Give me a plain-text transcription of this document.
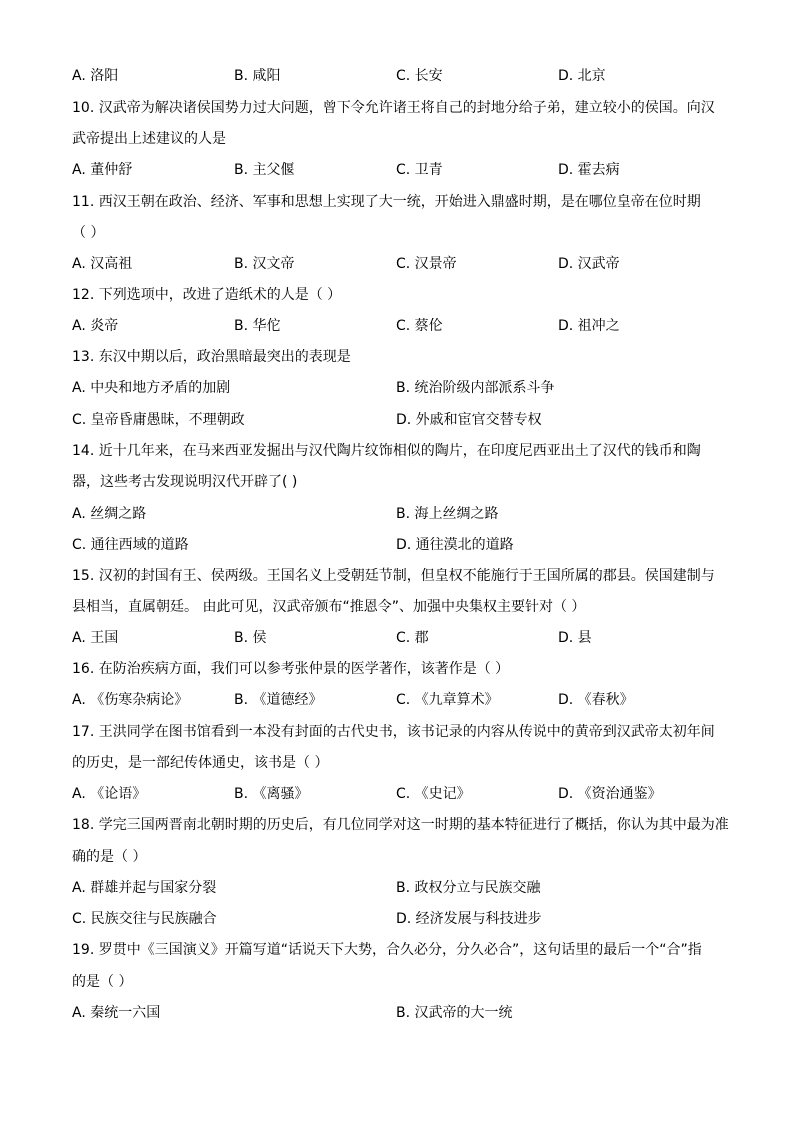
A. 洛阳	B. 咸阳	C. 长安	D. 北京
10. 汉武帝为解决诸侯国势力过大问题，曾下令允许诸王将自己的封地分给子弟，建立较小的侯国。向汉
武帝提出上述建议的人是
A. 董仲舒	B. 主父偃	C. 卫青	D. 霍去病
11. 西汉王朝在政治、经济、军事和思想上实现了大一统，开始进入鼎盛时期，是在哪位皇帝在位时期
（ ）
A. 汉高祖	B. 汉文帝	C. 汉景帝	D. 汉武帝
12. 下列选项中，改进了造纸术的人是（ ）
A. 炎帝	B. 华佗	C. 蔡伦	D. 祖冲之
13. 东汉中期以后，政治黑暗最突出的表现是
A. 中央和地方矛盾的加剧	B. 统治阶级内部派系斗争
C. 皇帝昏庸愚昧，不理朝政	D. 外戚和宦官交替专权
14. 近十几年来，在马来西亚发掘出与汉代陶片纹饰相似的陶片，在印度尼西亚出土了汉代的钱币和陶
器，这些考古发现说明汉代开辟了( )
A. 丝绸之路	B. 海上丝绸之路
C. 通往西域的道路	D. 通往漠北的道路
15. 汉初的封国有王、侯两级。王国名义上受朝廷节制，但皇权不能施行于王国所属的郡县。侯国建制与
县相当，直属朝廷。 由此可见，汉武帝颁布“推恩令”、加强中央集权主要针对（ ）
A. 王国	B. 侯	C. 郡	D. 县
16. 在防治疾病方面，我们可以参考张仲景的医学著作，该著作是（ ）
A. 《伤寒杂病论》	B. 《道德经》	C. 《九章算术》	D. 《春秋》
17. 王洪同学在图书馆看到一本没有封面的古代史书，该书记录的内容从传说中的黄帝到汉武帝太初年间
的历史，是一部纪传体通史，该书是（ ）
A. 《论语》	B. 《离骚》	C. 《史记》	D. 《资治通鉴》
18. 学完三国两晋南北朝时期的历史后，有几位同学对这一时期的基本特征进行了概括，你认为其中最为准
确的是（ ）
A. 群雄并起与国家分裂	B. 政权分立与民族交融
C. 民族交往与民族融合	D. 经济发展与科技进步
19. 罗贯中《三国演义》开篇写道“话说天下大势，合久必分，分久必合”，这句话里的最后一个“合”指
的是（ ）
A. 秦统一六国	B. 汉武帝的大一统
